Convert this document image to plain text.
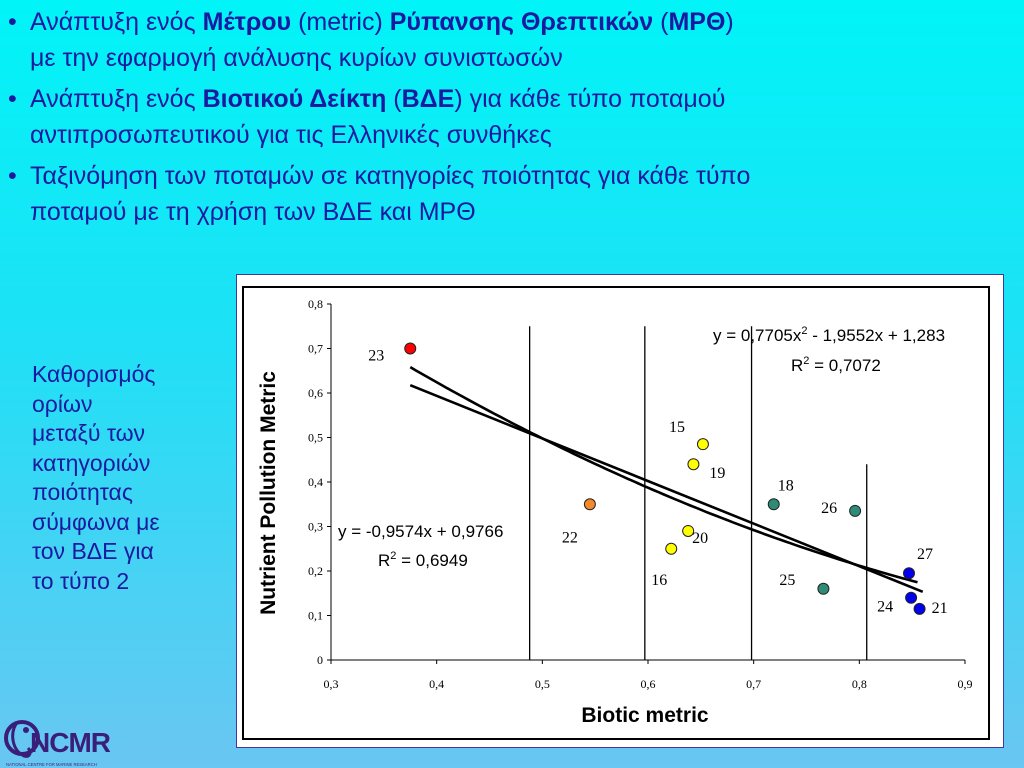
• Ανάπτυξη ενός Μέτρου (metric) Ρύπανσης Θρεπτικών (ΜΡΘ)
με την εφαρμογή ανάλυσης κυρίων συνιστωσών
• Ανάπτυξη ενός Βιοτικού Δείκτη (ΒΔΕ) για κάθε τύπο ποταμού
αντιπροσωπευτικού για τις Ελληνικές συνθήκες
• Ταξινόμηση των ποταμών σε κατηγορίες ποιότητας για κάθε τύπο
ποταμού με τη χρήση των ΒΔΕ και ΜΡΘ
Καθορισμός
ορίων
μεταξύ των
κατηγοριών
ποιότητας
σύμφωνα με
τον ΒΔΕ για
το τύπο 2
0
0,1
0,2
0,3
0,4
0,5
0,6
0,7
0,8
0,3	0,4	0,5	0,6	0,7	0,8	0,9
23
22
15
19
20
16
18
26
25
27
24 21
Nutrient Pollution Metric
Biotic metric
$y = 0,7705x^2 - 1,9552x + 1,283$
$R^2 = 0,7072$
y = -0,9574x + 0,9766
$R^2 = 0,6949$
NCMR
NATIONAL CENTRE FOR MARINE RESEARCH
